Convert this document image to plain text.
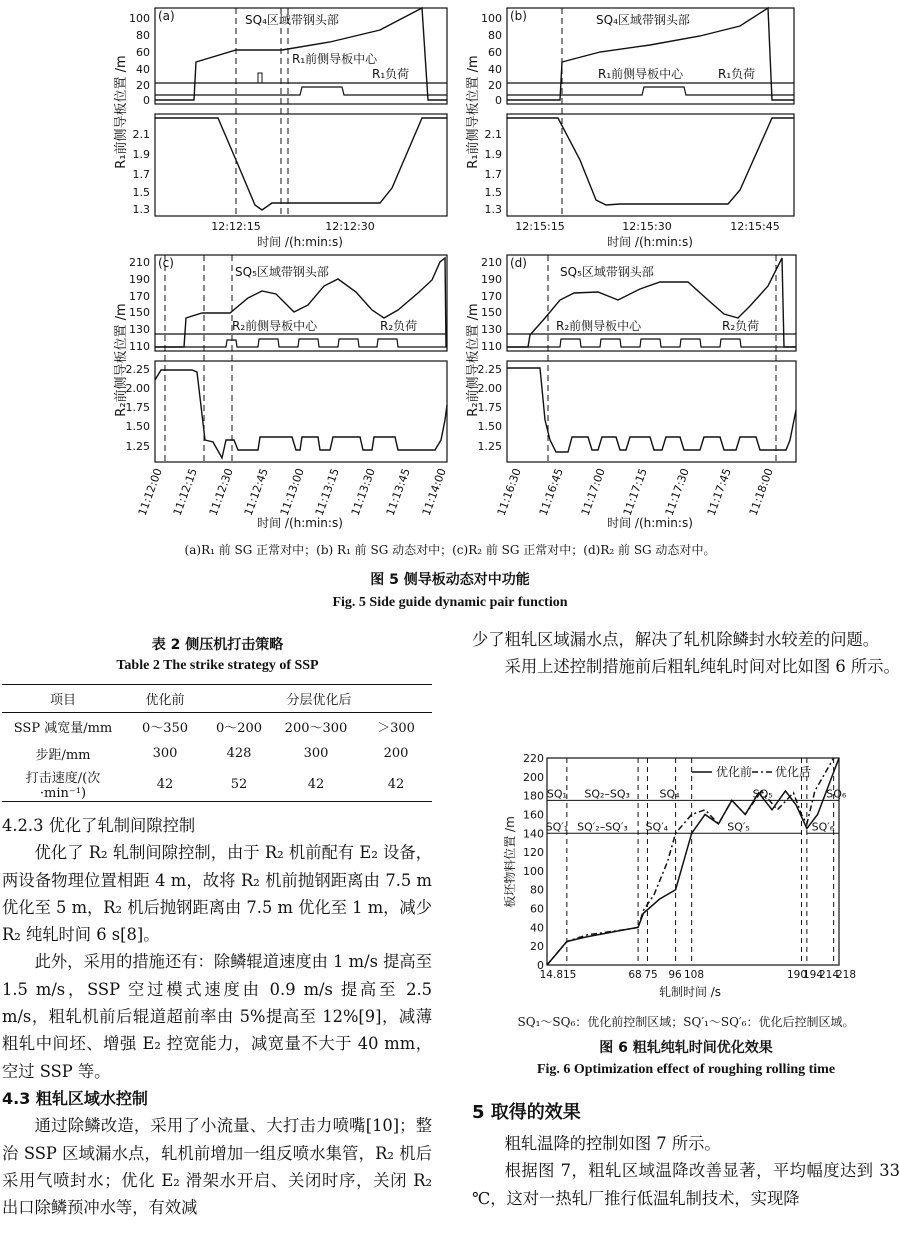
(a)	SQ₄区域带钢头部
R₁前侧导板中心
R₁负荷
100
80
60
40
20
0
2.1
1.9
1.7
1.5
1.3
12:12:15	12:12:30
时间 /(h:min:s)
(b)	SQ₄区域带钢头部
R₁前侧导板中心	R₁负荷
100
80
60
40
20
0
2.1
1.9
1.7
1.5
1.3
12:15:15	12:15:30	12:15:45
时间 /(h:min:s)
R₁前侧导板位置 /m	R₁前侧导板位置 /m
(c)
SQ₅区域带钢头部
R₂前侧导板中心	R₂负荷
210
190
170
150
130
110
2.25
2.00
1.75
1.50
1.25
11:12:00 11:12:15 11:12:30 11:12:45 11:13:00 11:13:15 11:13:30 11:13:45 11:14:00
时间 /(h:min:s)
(d)
SQ₅区域带钢头部
R₂前侧导板中心	R₂负荷
210
190
170
150
130
110
2.25
2.00
1.75
1.50
1.25
11:16:30 11:16:45 11:17:00 11:17:15 11:17:30 11:17:45 11:18:00
时间 /(h:min:s)
R₂前侧导板位置 /m	R₂前侧导板位置 /m
(a)R₁ 前 SG 正常对中；(b) R₁ 前 SG 动态对中；(c)R₂ 前 SG 正常对中；(d)R₂ 前 SG 动态对中。
图 5 侧导板动态对中功能
Fig. 5 Side guide dynamic pair function
表 2 侧压机打击策略
Table 2 The strike strategy of SSP
项目	优化前	分层优化后		
SSP 减宽量/mm	0～350	0～200	200～300	＞300
步距/mm	300	428	300	200
打击速度/(次·min⁻¹)	42	52	42	42

4.2.3 优化了轧制间隙控制

优化了 R₂ 轧制间隙控制，由于 R₂ 机前配有 E₂ 设备，两设备物理位置相距 4 m，故将 R₂ 机前抛钢距离由 7.5 m优化至 5 m，R₂ 机后抛钢距离由 7.5 m 优化至 1 m，减少 R₂ 纯轧时间 6 s[8]。

此外，采用的措施还有：除鳞辊道速度由 1 m/s 提高至 1.5 m/s，SSP 空过模式速度由 0.9 m/s 提高至 2.5 m/s，粗轧机前后辊道超前率由 5%提高至 12%[9]，减薄粗轧中间坯、增强 E₂ 控宽能力，减宽量不大于 40 mm，空过 SSP 等。

4.3 粗轧区域水控制

通过除鳞改造，采用了小流量、大打击力喷嘴[10]；整治 SSP 区域漏水点，轧机前增加一组反喷水集管，R₂ 机后采用气喷封水；优化 E₂ 滑架水开启、关闭时序，关闭 R₂ 出口除鳞预冲水等，有效减

少了粗轧区域漏水点，解决了轧机除鳞封水较差的问题。

采用上述控制措施前后粗轧纯轧时间对比如图 6 所示。

板坯物料位置 /m
0
20
40
60
80
100
120
140
160
180
200
220
SQ₁ SQ₂–SQ₃	SQ₄	SQ₅	SQ₆
SQ′₁ SQ′₂–SQ′₃ SQ′₄	SQ′₅	SQ′₆
14.815	68 75 96 108	190
194
214
218
轧制时间 /s
优化前 优化后
SQ₁～SQ₆：优化前控制区域；SQ′₁～SQ′₆：优化后控制区域。
图 6 粗轧纯轧时间优化效果
Fig. 6 Optimization effect of roughing rolling time
5 取得的效果

粗轧温降的控制如图 7 所示。

根据图 7，粗轧区域温降改善显著，平均幅度达到 33 ℃，这对一热轧厂推行低温轧制技术，实现降
